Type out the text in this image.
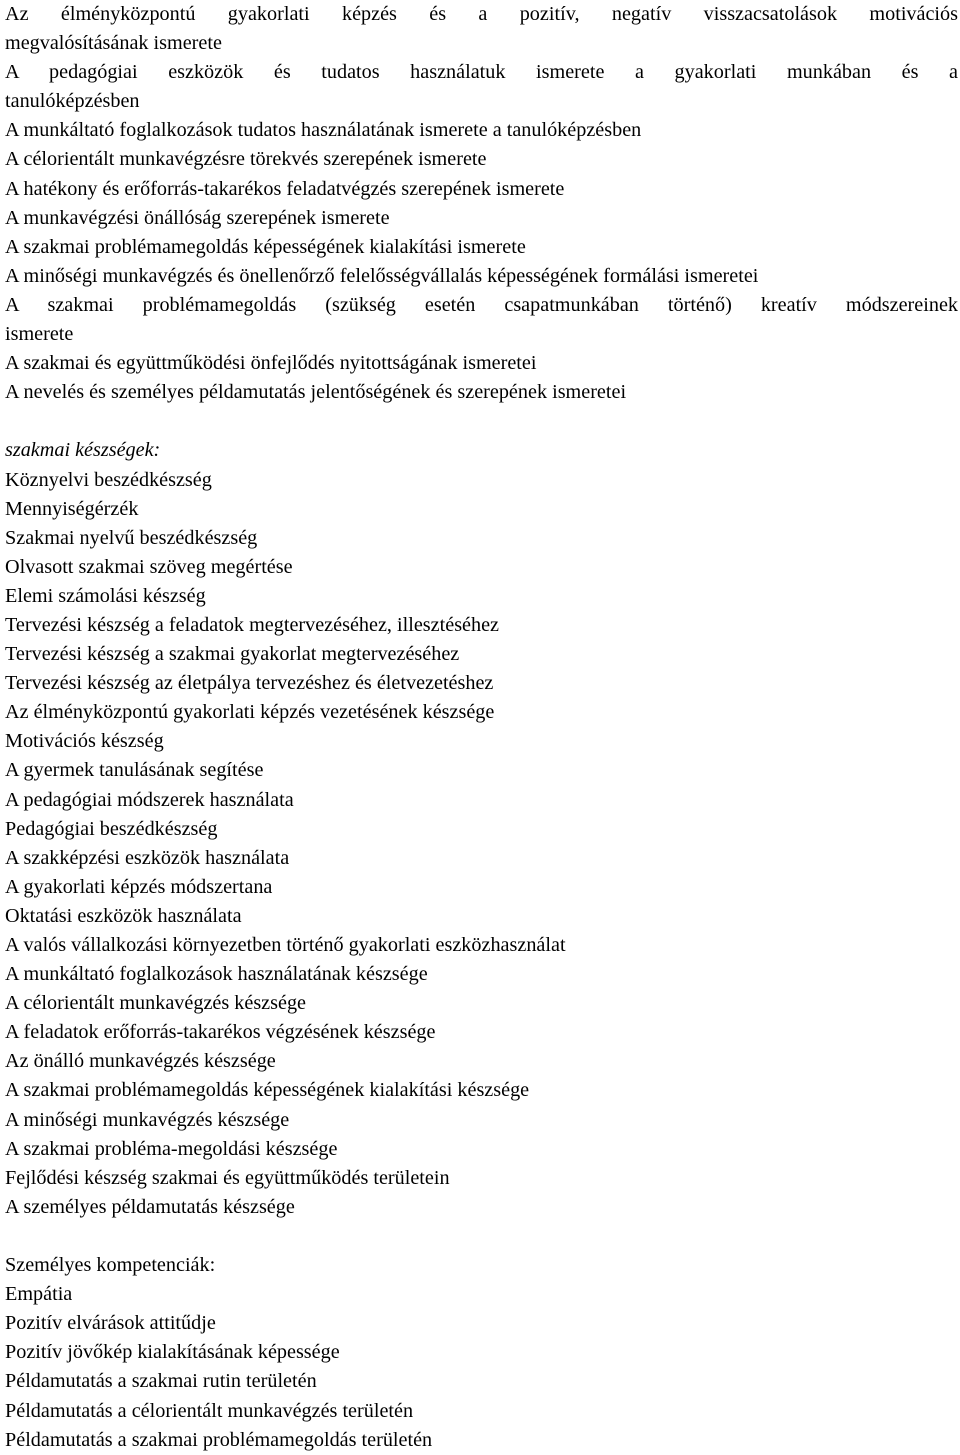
Az élményközpontú gyakorlati képzés és a pozitív, negatív visszacsatolások motivációs
megvalósításának ismerete
A pedagógiai eszközök és tudatos használatuk ismerete a gyakorlati munkában és a
tanulóképzésben
A munkáltató foglalkozások tudatos használatának ismerete a tanulóképzésben
A célorientált munkavégzésre törekvés szerepének ismerete
A hatékony és erőforrás-takarékos feladatvégzés szerepének ismerete
A munkavégzési önállóság szerepének ismerete
A szakmai problémamegoldás képességének kialakítási ismerete
A minőségi munkavégzés és önellenőrző felelősségvállalás képességének formálási ismeretei
A szakmai problémamegoldás (szükség esetén csapatmunkában történő) kreatív módszereinek
ismerete
A szakmai és együttműködési önfejlődés nyitottságának ismeretei
A nevelés és személyes példamutatás jelentőségének és szerepének ismeretei
szakmai készségek:
Köznyelvi beszédkészség
Mennyiségérzék
Szakmai nyelvű beszédkészség
Olvasott szakmai szöveg megértése
Elemi számolási készség
Tervezési készség a feladatok megtervezéséhez, illesztéséhez
Tervezési készség a szakmai gyakorlat megtervezéséhez
Tervezési készség az életpálya tervezéshez és életvezetéshez
Az élményközpontú gyakorlati képzés vezetésének készsége
Motivációs készség
A gyermek tanulásának segítése
A pedagógiai módszerek használata
Pedagógiai beszédkészség
A szakképzési eszközök használata
A gyakorlati képzés módszertana
Oktatási eszközök használata
A valós vállalkozási környezetben történő gyakorlati eszközhasználat
A munkáltató foglalkozások használatának készsége
A célorientált munkavégzés készsége
A feladatok erőforrás-takarékos végzésének készsége
Az önálló munkavégzés készsége
A szakmai problémamegoldás képességének kialakítási készsége
A minőségi munkavégzés készsége
A szakmai probléma-megoldási készsége
Fejlődési készség szakmai és együttműködés területein
A személyes példamutatás készsége
Személyes kompetenciák:
Empátia
Pozitív elvárások attitűdje
Pozitív jövőkép kialakításának képessége
Példamutatás a szakmai rutin területén
Példamutatás a célorientált munkavégzés területén
Példamutatás a szakmai problémamegoldás területén
